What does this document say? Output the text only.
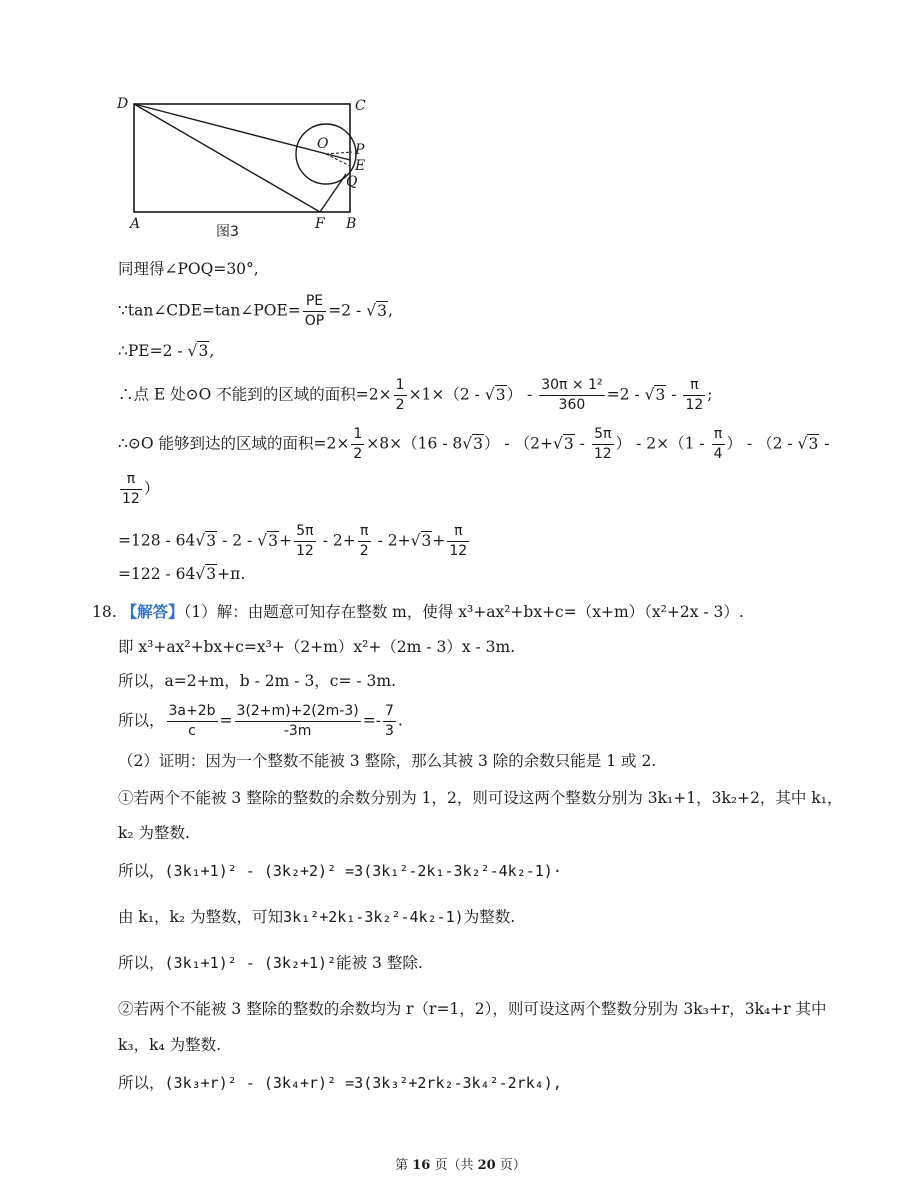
D	C
A	B
O P
E
Q
F
图3
同理得∠POQ=30°,
∵tan∠CDE=tan∠POE= $\frac{PE}{OP} =2 - √3$,
∴PE=2 - √3,
∴点 E 处⊙O 不能到的区域的面积$=2\times \frac{1}{2} \times 1\times(2 - √3) - \frac{\text{30π × 1²}}{360} =2 - √3 - \frac{\pi}{12}$ ;
∴⊙O 能够到达的区域的面积$=2\times \frac{1}{2} \times 8\times(16 - 8√3) - (2+√3 - \frac{5\pi}{12}$ ） - $2\times(1 - \frac{\pi}{4}$ ） - （2 - √3 -
$\frac{\pi}{12}$ ）
$=128 - 64√3 - 2 - √3+ \frac{5\pi}{12} - 2+ \frac{\pi}{2} - 2+√3+ \frac{\pi}{12}$
=122 - 64√3+π.
18. 【解答】（1）解：由题意可知存在整数 m，使得 x³+ax²+bx+c=（x+m）（x²+2x - 3）.
即 x³+ax²+bx+c=x³+（2+m）x²+（2m - 3）x - 3m.
所以，a=2+m，b - 2m - 3，c= - 3m.
所以， $\frac{3a+2b}{c} = \frac{3(2+m)+2(2m-3)}{-3m} =- \frac{7}{3}$ .
（2）证明：因为一个整数不能被 3 整除，那么其被 3 除的余数只能是 1 或 2.
①若两个不能被 3 整除的整数的余数分别为 1，2，则可设这两个整数分别为 3k₁+1，3k₂+2，其中 k₁，
k₂ 为整数.
所以，(3k₁+1)² - (3k₂+2)² =3(3k₁²-2k₁-3k₂²-4k₂-1)·
由 k₁，k₂ 为整数，可知3k₁²+2k₁-3k₂²-4k₂-1)为整数.
所以，(3k₁+1)² - (3k₂+1)²能被 3 整除.
②若两个不能被 3 整除的整数的余数均为 r（r=1，2），则可设这两个整数分别为 3k₃+r，3k₄+r 其中
k₃，k₄ 为整数.
所以，(3k₃+r)² - (3k₄+r)² =3(3k₃²+2rk₂-3k₄²-2rk₄),
第 16 页（共 20 页）
